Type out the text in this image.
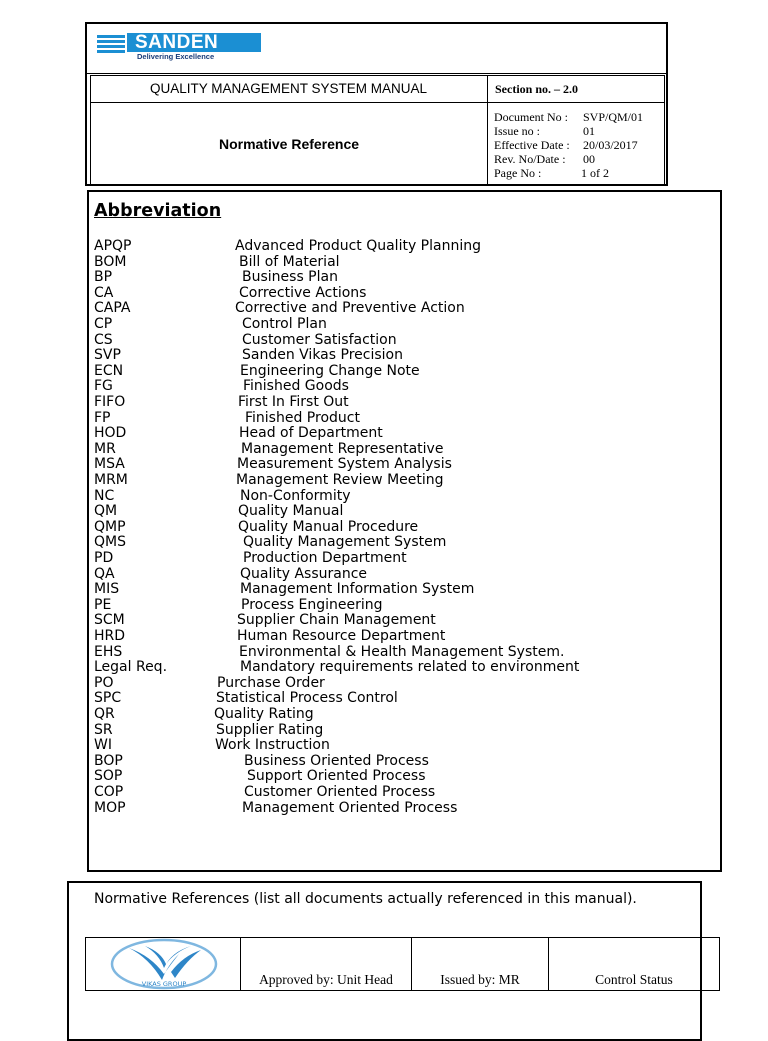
SANDEN
Delivering Excellence
QUALITY MANAGEMENT SYSTEM MANUAL	Section no. – 2.0
Normative Reference
Document No : SVP/QM/01
Issue no :	01
Effective Date : 20/03/2017
Rev. No/Date : 00
Page No :	1 of 2
Abbreviation
APQP	Advanced Product Quality Planning
BOM	Bill of Material
BP	Business Plan
CA	Corrective Actions
CAPA	Corrective and Preventive Action
CP	Control Plan
CS	Customer Satisfaction
SVP	Sanden Vikas Precision
ECN	Engineering Change Note
FG	Finished Goods
FIFO	First In First Out
FP	Finished Product
HOD	Head of Department
MR	Management Representative
MSA	Measurement System Analysis
MRM	Management Review Meeting
NC	Non-Conformity
QM	Quality Manual
QMP	Quality Manual Procedure
QMS	Quality Management System
PD	Production Department
QA	Quality Assurance
MIS	Management Information System
PE	Process Engineering
SCM	Supplier Chain Management
HRD	Human Resource Department
EHS	Environmental & Health Management System.
Legal Req.	Mandatory requirements related to environment
PO	Purchase Order
SPC	Statistical Process Control
QR	Quality Rating
SR	Supplier Rating
WI	Work Instruction
BOP	Business Oriented Process
SOP	Support Oriented Process
COP	Customer Oriented Process
MOP	Management Oriented Process
Normative References (list all documents actually referenced in this manual).
VIKAS GROUP	Approved by: Unit Head	Issued by: MR	Control Status
